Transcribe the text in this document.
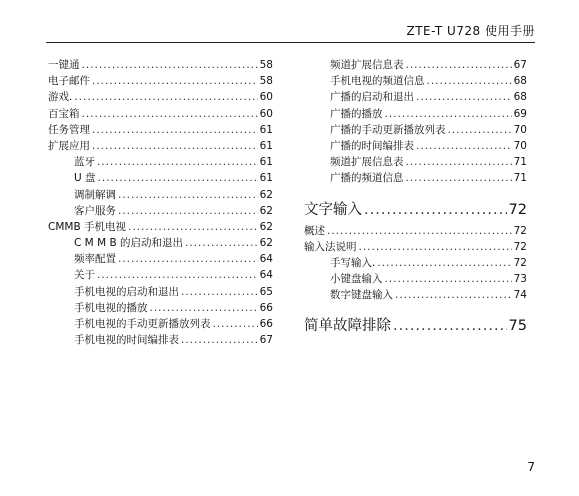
ZTE-T U728 使用手册
一键通 .....	58
电子邮件 .....	58
游戏. .....	60
百宝箱 .....	60
任务管理 .....	61
扩展应用 .....	61
蓝牙 .....	61
U 盘 .....	61
调制解调 .....	62
客户服务 .....	62
CMMB 手机电视 .....	62
C M M B 的启动和退出 .....	62
频率配置 .....	64
关于 .....	64
手机电视的启动和退出 .....	65
手机电视的播放 .....	66
手机电视的手动更新播放列表 .....	66
手机电视的时间编排表 .....	67
频道扩展信息表 .....	67
手机电视的频道信息 .....	68
广播的启动和退出 .....	68
广播的播放 .....	69
广播的手动更新播放列表 .....	70
广播的时间编排表 .....	70
频道扩展信息表 .....	71
广播的频道信息 .....	71
文字输入 .....	72
概述 .....	72
输入法说明 .....	72
手写输入. .....	72
小键盘输入 .....	73
数字键盘输入 .....	74
简单故障排除 .....	75
7
